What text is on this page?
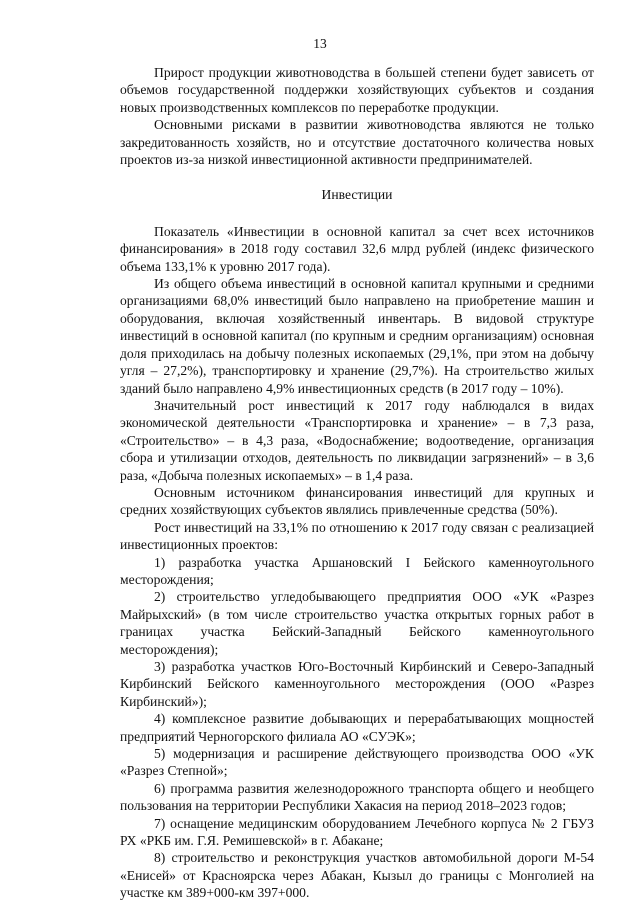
13

Прирост продукции животноводства в большей степени будет зависеть от объемов государственной поддержки хозяйствующих субъектов и создания новых производственных комплексов по переработке продукции.

Основными рисками в развитии животноводства являются не только закредитованность хозяйств, но и отсутствие достаточного количества новых проектов из-за низкой инвестиционной активности предпринимателей.

Инвестиции

Показатель «Инвестиции в основной капитал за счет всех источников финансирования» в 2018 году составил 32,6 млрд рублей (индекс физического объема 133,1% к уровню 2017 года).

Из общего объема инвестиций в основной капитал крупными и средними организациями 68,0% инвестиций было направлено на приобретение машин и оборудования, включая хозяйственный инвентарь. В видовой структуре инвестиций в основной капитал (по крупным и средним организациям) основная доля приходилась на добычу полезных ископаемых (29,1%, при этом на добычу угля – 27,2%), транспортировку и хранение (29,7%). На строительство жилых зданий было направлено 4,9% инвестиционных средств (в 2017 году – 10%).

Значительный рост инвестиций к 2017 году наблюдался в видах экономической деятельности «Транспортировка и хранение» – в 7,3 раза, «Строительство» – в 4,3 раза, «Водоснабжение; водоотведение, организация сбора и утилизации отходов, деятельность по ликвидации загрязнений» – в 3,6 раза, «Добыча полезных ископаемых» – в 1,4 раза.

Основным источником финансирования инвестиций для крупных и средних хозяйствующих субъектов являлись привлеченные средства (50%).

Рост инвестиций на 33,1% по отношению к 2017 году связан с реализацией инвестиционных проектов:

1) разработка участка Аршановский I Бейского каменноугольного месторождения;

2) строительство угледобывающего предприятия ООО «УК «Разрез Майрыхский» (в том числе строительство участка открытых горных работ в границах участка Бейский-Западный Бейского каменноугольного месторождения);

3) разработка участков Юго-Восточный Кирбинский и Северо-Западный Кирбинский Бейского каменноугольного месторождения (ООО «Разрез Кирбинский»);

4) комплексное развитие добывающих и перерабатывающих мощностей предприятий Черногорского филиала АО «СУЭК»;

5) модернизация и расширение действующего производства ООО «УК «Разрез Степной»;

6) программа развития железнодорожного транспорта общего и необщего пользования на территории Республики Хакасия на период 2018–2023 годов;

7) оснащение медицинским оборудованием Лечебного корпуса № 2 ГБУЗ РХ «РКБ им. Г.Я. Ремишевской» в г. Абакане;

8) строительство и реконструкция участков автомобильной дороги М-54 «Енисей» от Красноярска через Абакан, Кызыл до границы с Монголией на участке км 389+000-км 397+000.
